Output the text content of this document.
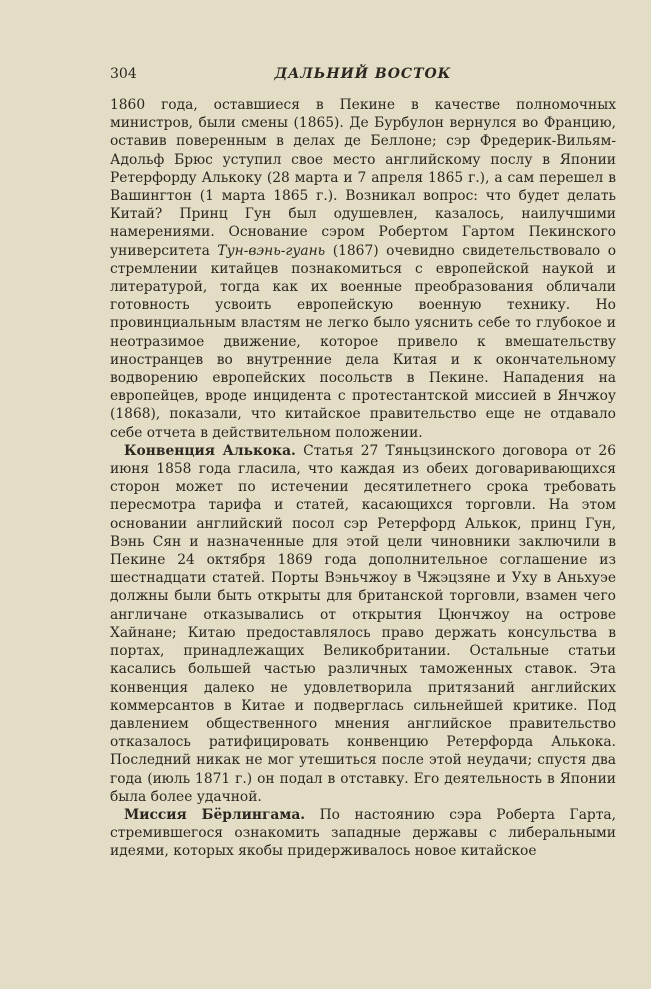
304	ДАЛЬНИЙ ВОСТОК

1860 года, оставшиеся в Пекине в качестве полномочных министров, были смены (1865). Де Бурбулон вернулся во Францию, оставив поверенным в делах де Беллоне; сэр Фредерик-Вильям-Адольф Брюс уступил свое место английскому послу в Японии Ретерфорду Алькоку (28 марта и 7 апреля 1865 г.), а сам перешел в Вашингтон (1 марта 1865 г.). Возникал вопрос: что будет делать Китай? Принц Гун был одушевлен, казалось, наилучшими намерениями. Основание сэром Робертом Гартом Пекинского университета Тун-вэнь-гуань (1867) очевидно свидетельствовало о стремлении китайцев познакомиться с европейской наукой и литературой, тогда как их военные преобразования обличали готовность усвоить европейскую военную технику. Но провинциальным властям не легко было уяснить себе то глубокое и неотразимое движение, которое привело к вмешательству иностранцев во внутренние дела Китая и к окончательному водворению европейских посольств в Пекине. Нападения на европейцев, вроде инцидента с протестантской миссией в Янчжоу (1868), показали, что китайское правительство еще не отдавало себе отчета в действительном положении.

Конвенция Алькока. Статья 27 Тяньцзинского договора от 26 июня 1858 года гласила, что каждая из обеих договаривающихся сторон может по истечении десятилетнего срока требовать пересмотра тарифа и статей, касающихся торговли. На этом основании английский посол сэр Ретерфорд Алькок, принц Гун, Вэнь Сян и назначенные для этой цели чиновники заключили в Пекине 24 октября 1869 года дополнительное соглашение из шестнадцати статей. Порты Вэньчжоу в Чжэцзяне и Уху в Аньхуэе должны были быть открыты для британской торговли, взамен чего англичане отказывались от открытия Цюнчжоу на острове Хайнане; Китаю предоставлялось право держать консульства в портах, принадлежащих Великобритании. Остальные статьи касались большей частью различных таможенных ставок. Эта конвенция далеко не удовлетворила притязаний английских коммерсантов в Китае и подверглась сильнейшей критике. Под давлением общественного мнения английское правительство отказалось ратифицировать конвенцию Ретерфорда Алькока. Последний никак не мог утешиться после этой неудачи; спустя два года (июль 1871 г.) он подал в отставку. Его деятельность в Японии была более удачной.

Миссия Бёрлингама. По настоянию сэра Роберта Гарта, стремившегося ознакомить западные державы с либеральными идеями, которых якобы придерживалось новое китайское
